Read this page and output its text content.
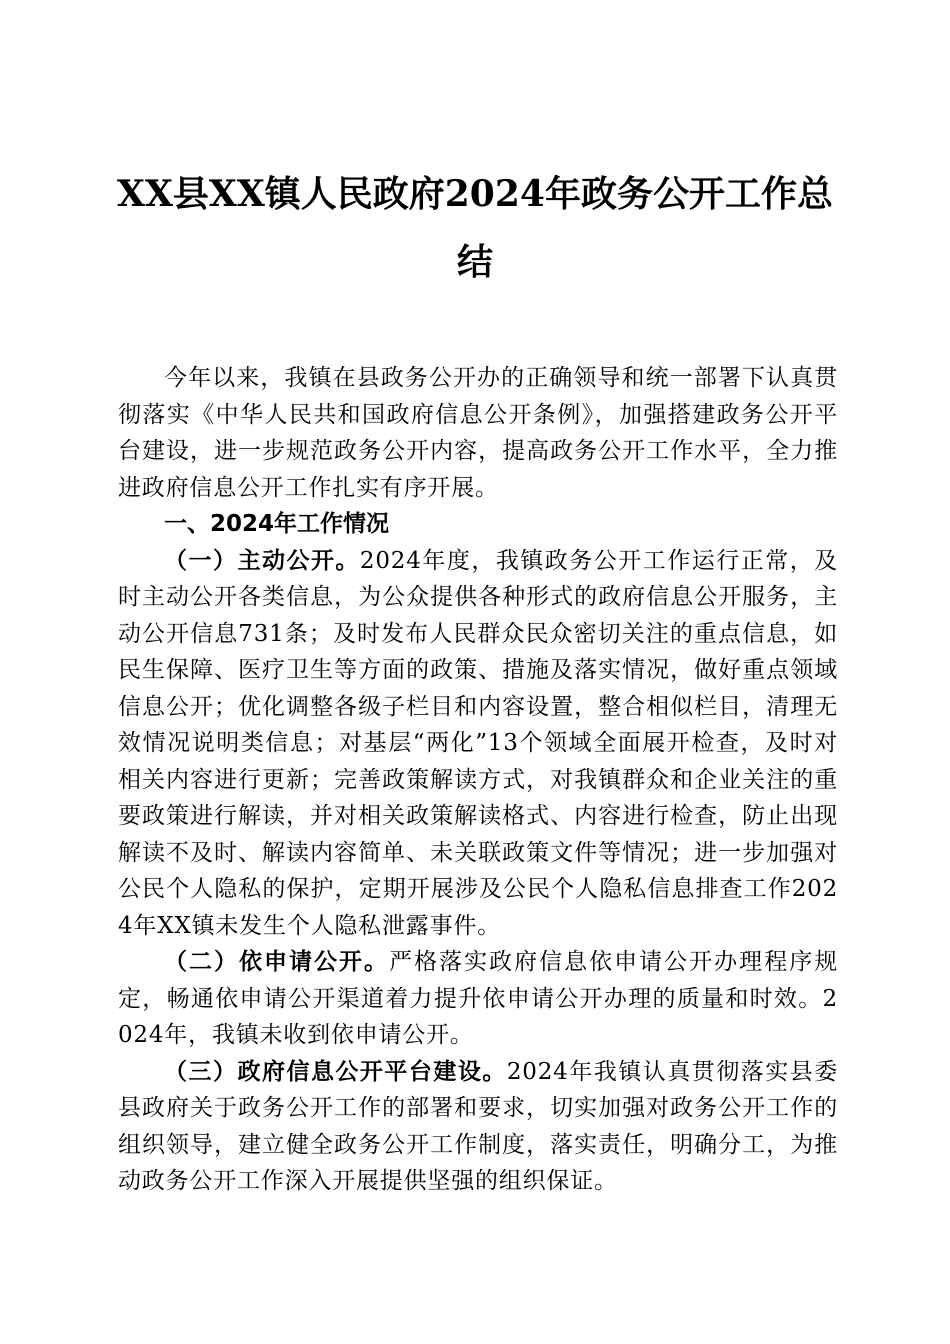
XX县XX镇人民政府2024年政务公开工作总
结

今年以来，我镇在县政务公开办的正确领导和统一部署下认真贯彻落实《中华人民共和国政府信息公开条例》，加强搭建政务公开平台建设，进一步规范政务公开内容，提高政务公开工作水平，全力推进政府信息公开工作扎实有序开展。

一、2024年工作情况

（一）主动公开。2024年度，我镇政务公开工作运行正常，及时主动公开各类信息，为公众提供各种形式的政府信息公开服务，主动公开信息731条；及时发布人民群众民众密切关注的重点信息，如民生保障、医疗卫生等方面的政策、措施及落实情况，做好重点领域信息公开；优化调整各级子栏目和内容设置，整合相似栏目，清理无效情况说明类信息；对基层“两化”13个领域全面展开检查，及时对相关内容进行更新；完善政策解读方式，对我镇群众和企业关注的重要政策进行解读，并对相关政策解读格式、内容进行检查，防止出现解读不及时、解读内容简单、未关联政策文件等情况；进一步加强对公民个人隐私的保护，定期开展涉及公民个人隐私信息排查工作2024年XX镇未发生个人隐私泄露事件。

（二）依申请公开。严格落实政府信息依申请公开办理程序规定，畅通依申请公开渠道着力提升依申请公开办理的质量和时效。2024年，我镇未收到依申请公开。

（三）政府信息公开平台建设。2024年我镇认真贯彻落实县委县政府关于政务公开工作的部署和要求，切实加强对政务公开工作的组织领导，建立健全政务公开工作制度，落实责任，明确分工，为推动政务公开工作深入开展提供坚强的组织保证。
